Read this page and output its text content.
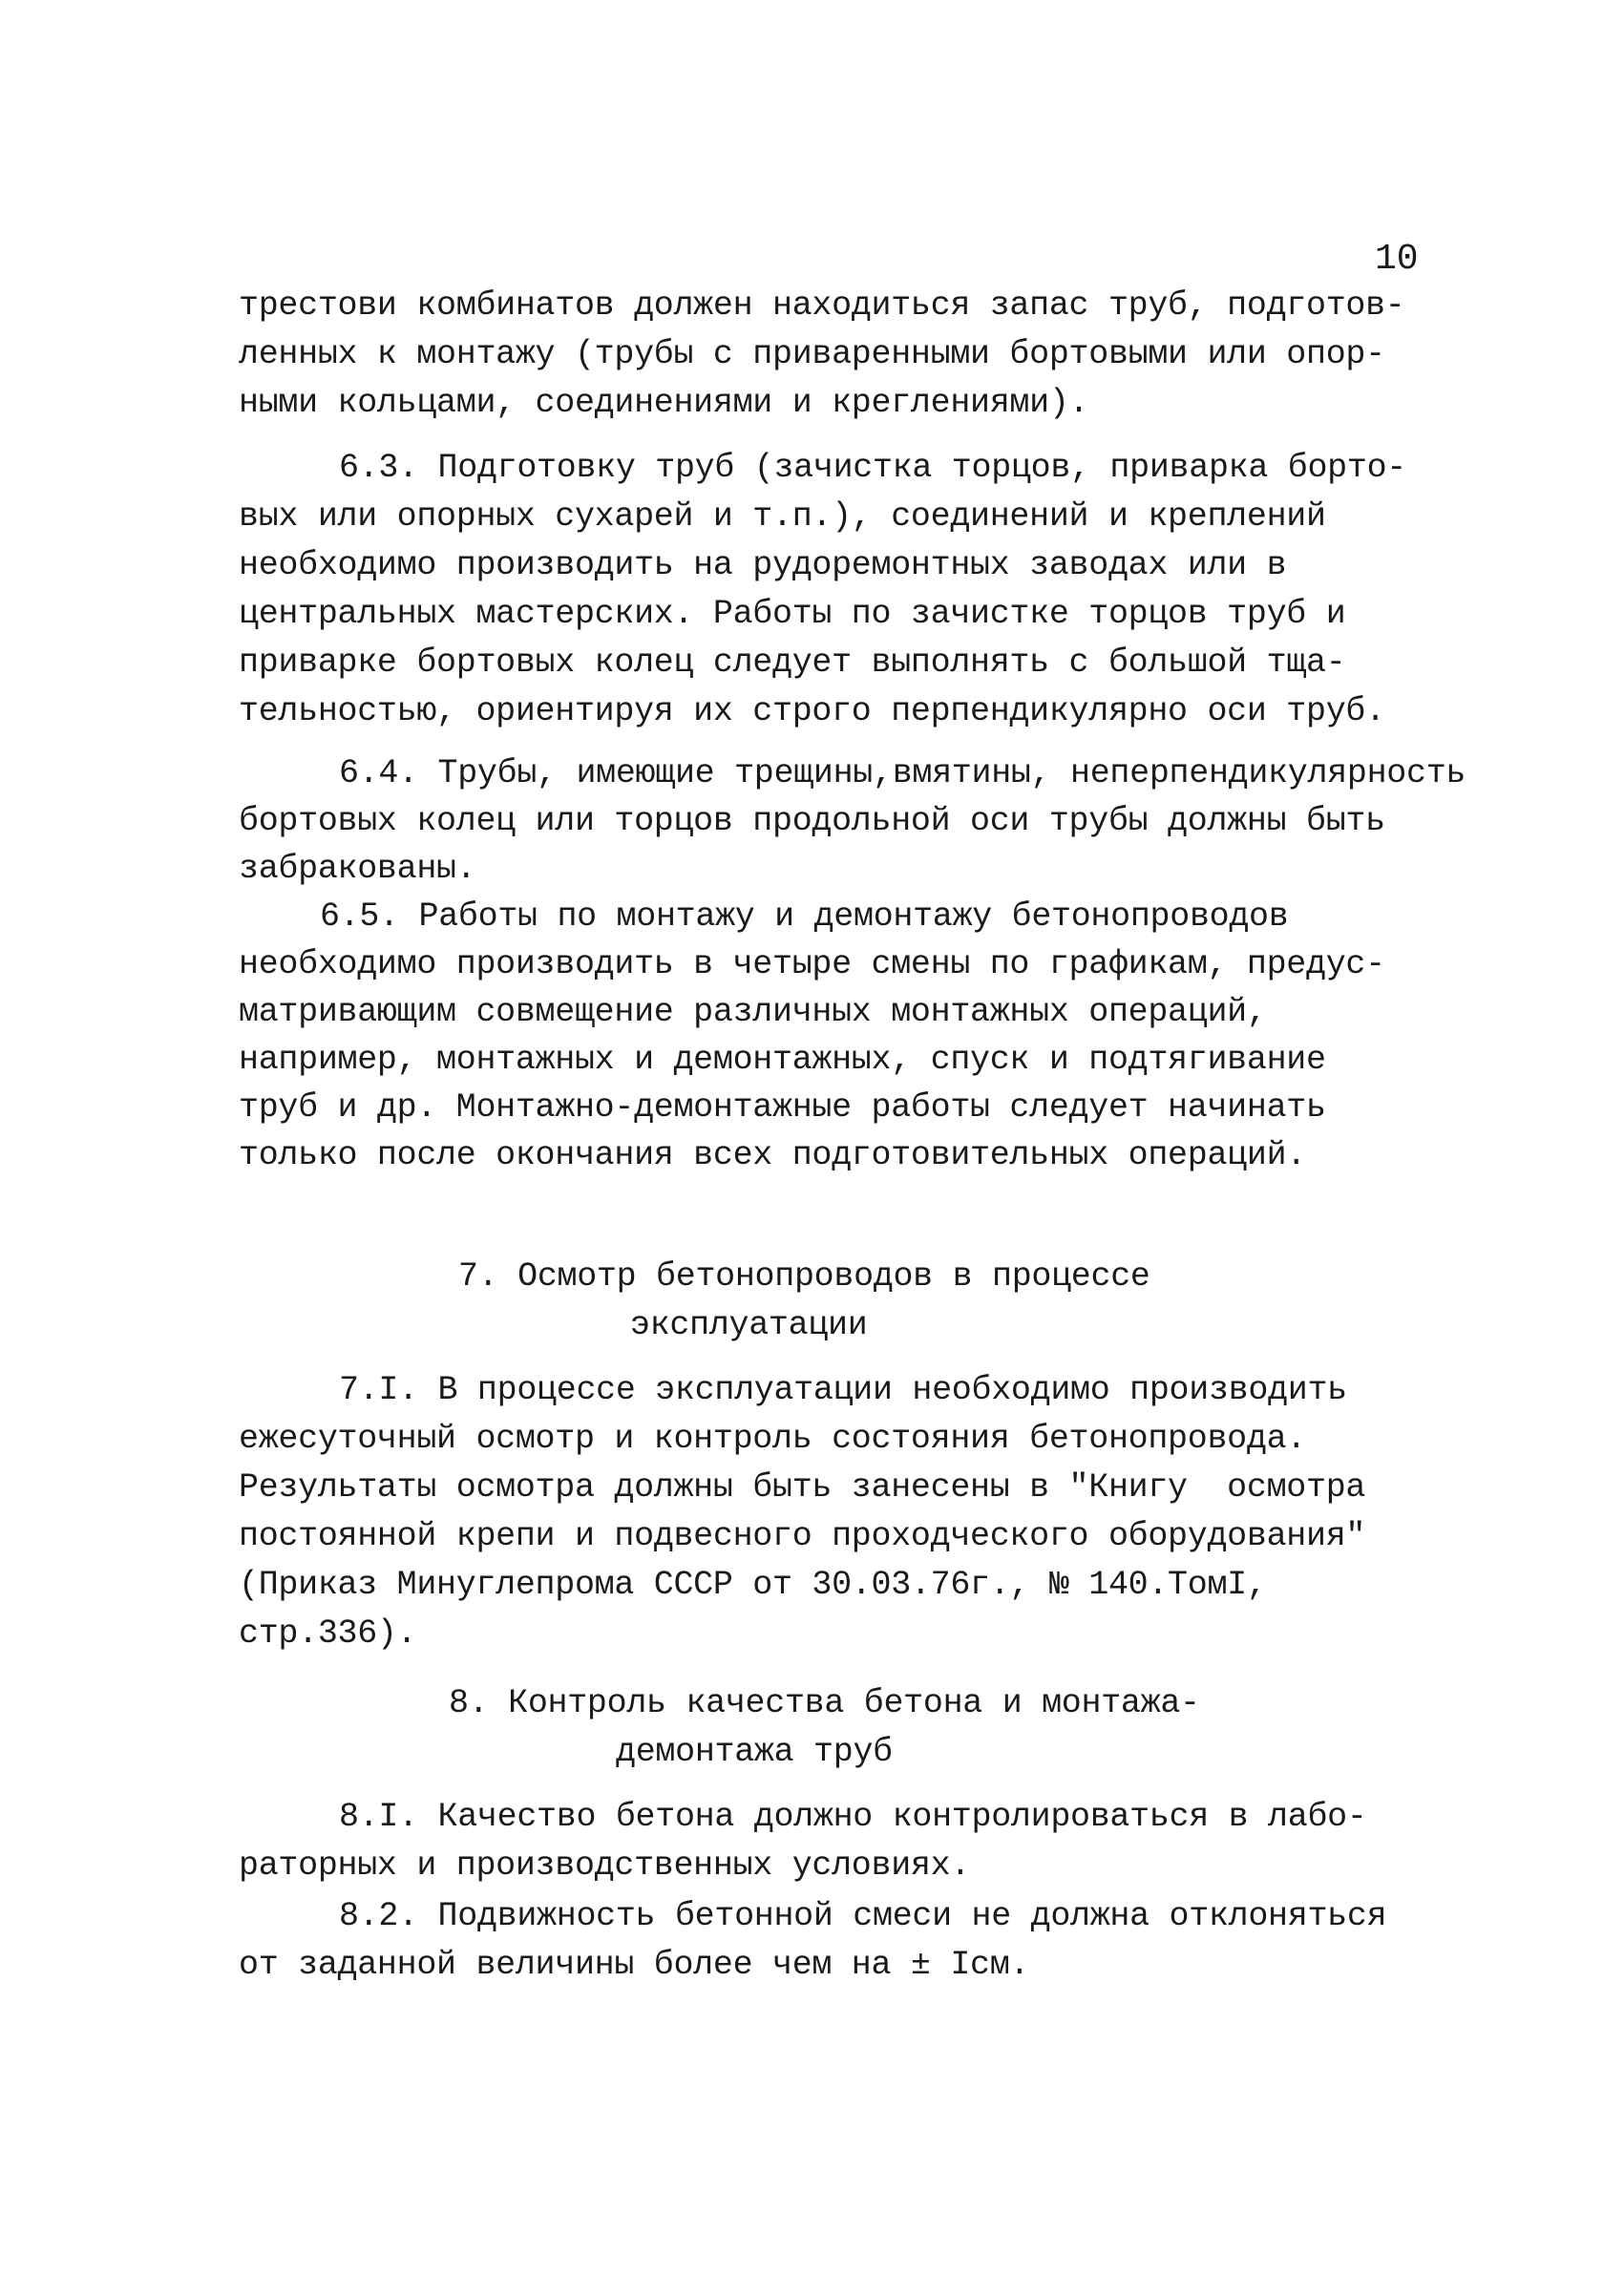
10
трестови комбинатов должен находиться запас труб, подготов-
ленных к монтажу (трубы с приваренными бортовыми или опор-
ными кольцами, соединениями и креглениями).
6.3. Подготовку труб (зачистка торцов, приварка борто-
вых или опорных сухарей и т.п.), соединений и креплений
необходимо производить на рудоремонтных заводах или в
центральных мастерских. Работы по зачистке торцов труб и
приварке бортовых колец следует выполнять с большой тща-
тельностью, ориентируя их строго перпендикулярно оси труб.
6.4. Трубы, имеющие трещины,вмятины, неперпендикулярность
бортовых колец или торцов продольной оси трубы должны быть
забракованы.
6.5. Работы по монтажу и демонтажу бетонопроводов
необходимо производить в четыре смены по графикам, предус-
матривающим совмещение различных монтажных операций,
например, монтажных и демонтажных, спуск и подтягивание
труб и др. Монтажно-демонтажные работы следует начинать
только после окончания всех подготовительных операций.
7. Осмотр бетонопроводов в процессе
эксплуатации
7.I. В процессе эксплуатации необходимо производить
ежесуточный осмотр и контроль состояния бетонопровода.
Результаты осмотра должны быть занесены в "Книгу  осмотра
постоянной крепи и подвесного проходческого оборудования"
(Приказ Минуглепрома СССР от 30.03.76г., № 140.ТомI,
стр.336).
8. Контроль качества бетона и монтажа-
демонтажа труб
8.I. Качество бетона должно контролироваться в лабо-
раторных и производственных условиях.
8.2. Подвижность бетонной смеси не должна отклоняться
от заданной величины более чем на ± Iсм.
